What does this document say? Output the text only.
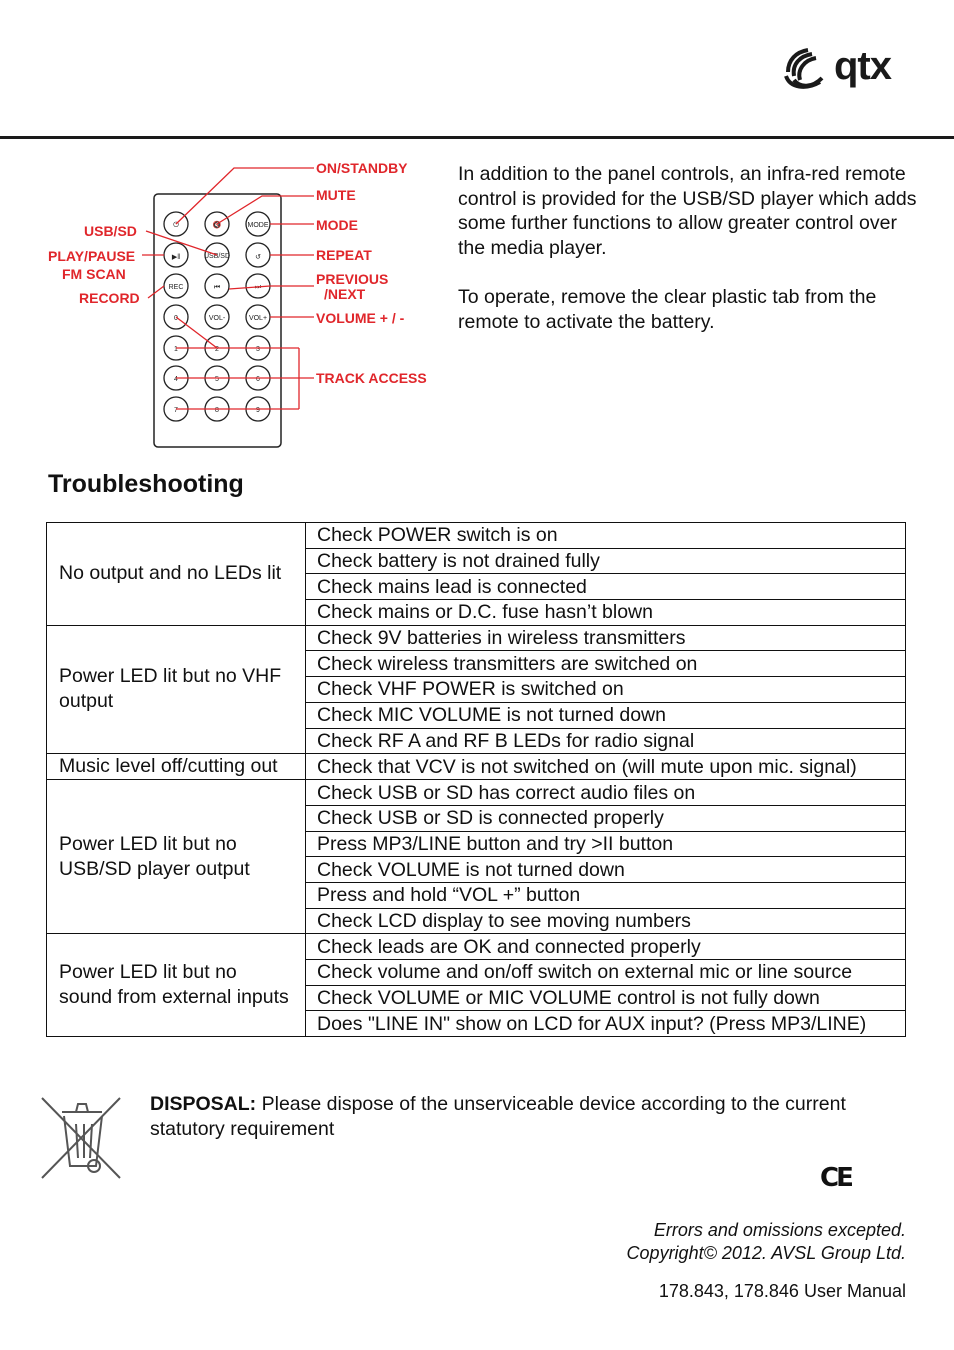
qtx
⏻	🔇	MODE
▶‖	USB/SD	↺
REC	⏮	⏭
0	VOL-	VOL+
1	2	3
4	5	6
7	8	9
ON/STANDBY
MUTE
MODE
REPEAT
PREVIOUS
/NEXT
VOLUME + / -
TRACK ACCESS
USB/SD
PLAY/PAUSE
FM SCAN
RECORD

In addition to the panel controls, an infra-red remote control is provided for the USB/SD player which adds some further functions to allow greater control over the media player.

To operate, remove the clear plastic tab from the remote to activate the battery.

Troubleshooting
No output and no LEDs lit	Check POWER switch is on
	Check battery is not drained fully
	Check mains lead is connected
	Check mains or D.C. fuse hasn’t blown
Power LED lit but no VHF output	Check 9V batteries in wireless transmitters
	Check wireless transmitters are switched on
	Check VHF POWER is switched on
	Check MIC VOLUME is not turned down
	Check RF A and RF B LEDs for radio signal
Music level off/cutting out	Check that VCV is not switched on (will mute upon mic. signal)
Power LED lit but no USB/SD player output	Check USB or SD has correct audio files on
	Check USB or SD is connected properly
	Press MP3/LINE button and try >II button
	Check VOLUME is not turned down
	Press and hold “VOL +” button
	Check LCD display to see moving numbers
Power LED lit but no sound from external inputs	Check leads are OK and connected properly
	Check volume and on/off switch on external mic or line source
	Check VOLUME or MIC VOLUME control is not fully down
	Does "LINE IN" show on LCD for AUX input? (Press MP3/LINE)
DISPOSAL: Please dispose of the unserviceable device according to the current statutory requirement
CE
Errors and omissions excepted.
Copyright© 2012. AVSL Group Ltd.
178.843, 178.846 User Manual
